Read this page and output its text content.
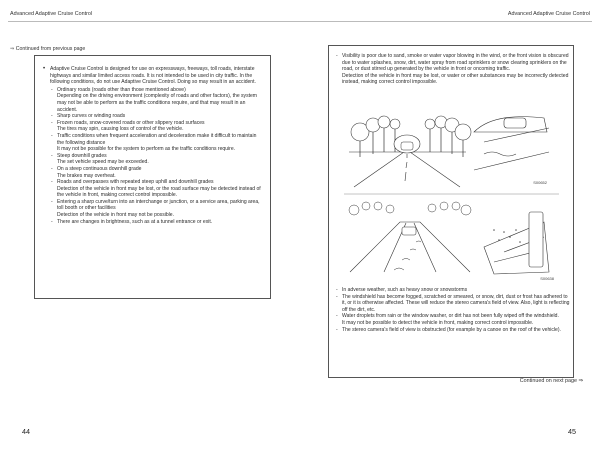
Advanced Adaptive Cruise Control
⇒ Continued from previous page
• Adaptive Cruise Control is designed for use on expressways, freeways, toll roads, interstate highways and similar limited access roads. It is not intended to be used in city traffic. In the following conditions, do not use Adaptive Cruise Control. Doing so may result in an accident.
- Ordinary roads (roads other than those mentioned above)
Depending on the driving environment (complexity of roads and other factors), the system may not be able to perform as the traffic conditions require, and that may result in an accident.
- Sharp curves or winding roads
- Frozen roads, snow-covered roads or other slippery road surfaces
The tires may spin, causing loss of control of the vehicle.
- Traffic conditions when frequent acceleration and deceleration make it difficult to maintain the following distance
It may not be possible for the system to perform as the traffic conditions require.
- Steep downhill grades
The set vehicle speed may be exceeded.
- On a steep continuous downhill grade
The brakes may overheat.
- Roads and overpasses with repeated steep uphill and downhill grades
Detection of the vehicle in front may be lost, or the road surface may be detected instead of the vehicle in front, making correct control impossible.
- Entering a sharp curve/turn into an interchange or junction, or a service area, parking area, toll booth or other facilities
Detection of the vehicle in front may not be possible.
- There are changes in brightness, such as at a tunnel entrance or exit.
44
Advanced Adaptive Cruise Control
- Visibility is poor due to sand, smoke or water vapor blowing in the wind, or the front vision is obscured due to water splashes, snow, dirt, water spray from road sprinklers or snow clearing sprinklers on the road, or dust stirred up generated by the vehicle in front or oncoming traffic.
Detection of the vehicle in front may be lost, or water or other substances may be incorrectly detected instead, making correct control impossible.
S00652
S00638
- In adverse weather, such as heavy snow or snowstorms
- The windshield has become fogged, scratched or smeared, or snow, dirt, dust or frost has adhered to it, or it is otherwise affected. These will reduce the stereo camera's field of view. Also, light is reflecting off the dirt, etc.
- Water droplets from rain or the window washer, or dirt has not been fully wiped off the windshield.
It may not be possible to detect the vehicle in front, making correct control impossible.
- The stereo camera's field of view is obstructed (for example by a canoe on the roof of the vehicle).
Continued on next page ⇒
45
